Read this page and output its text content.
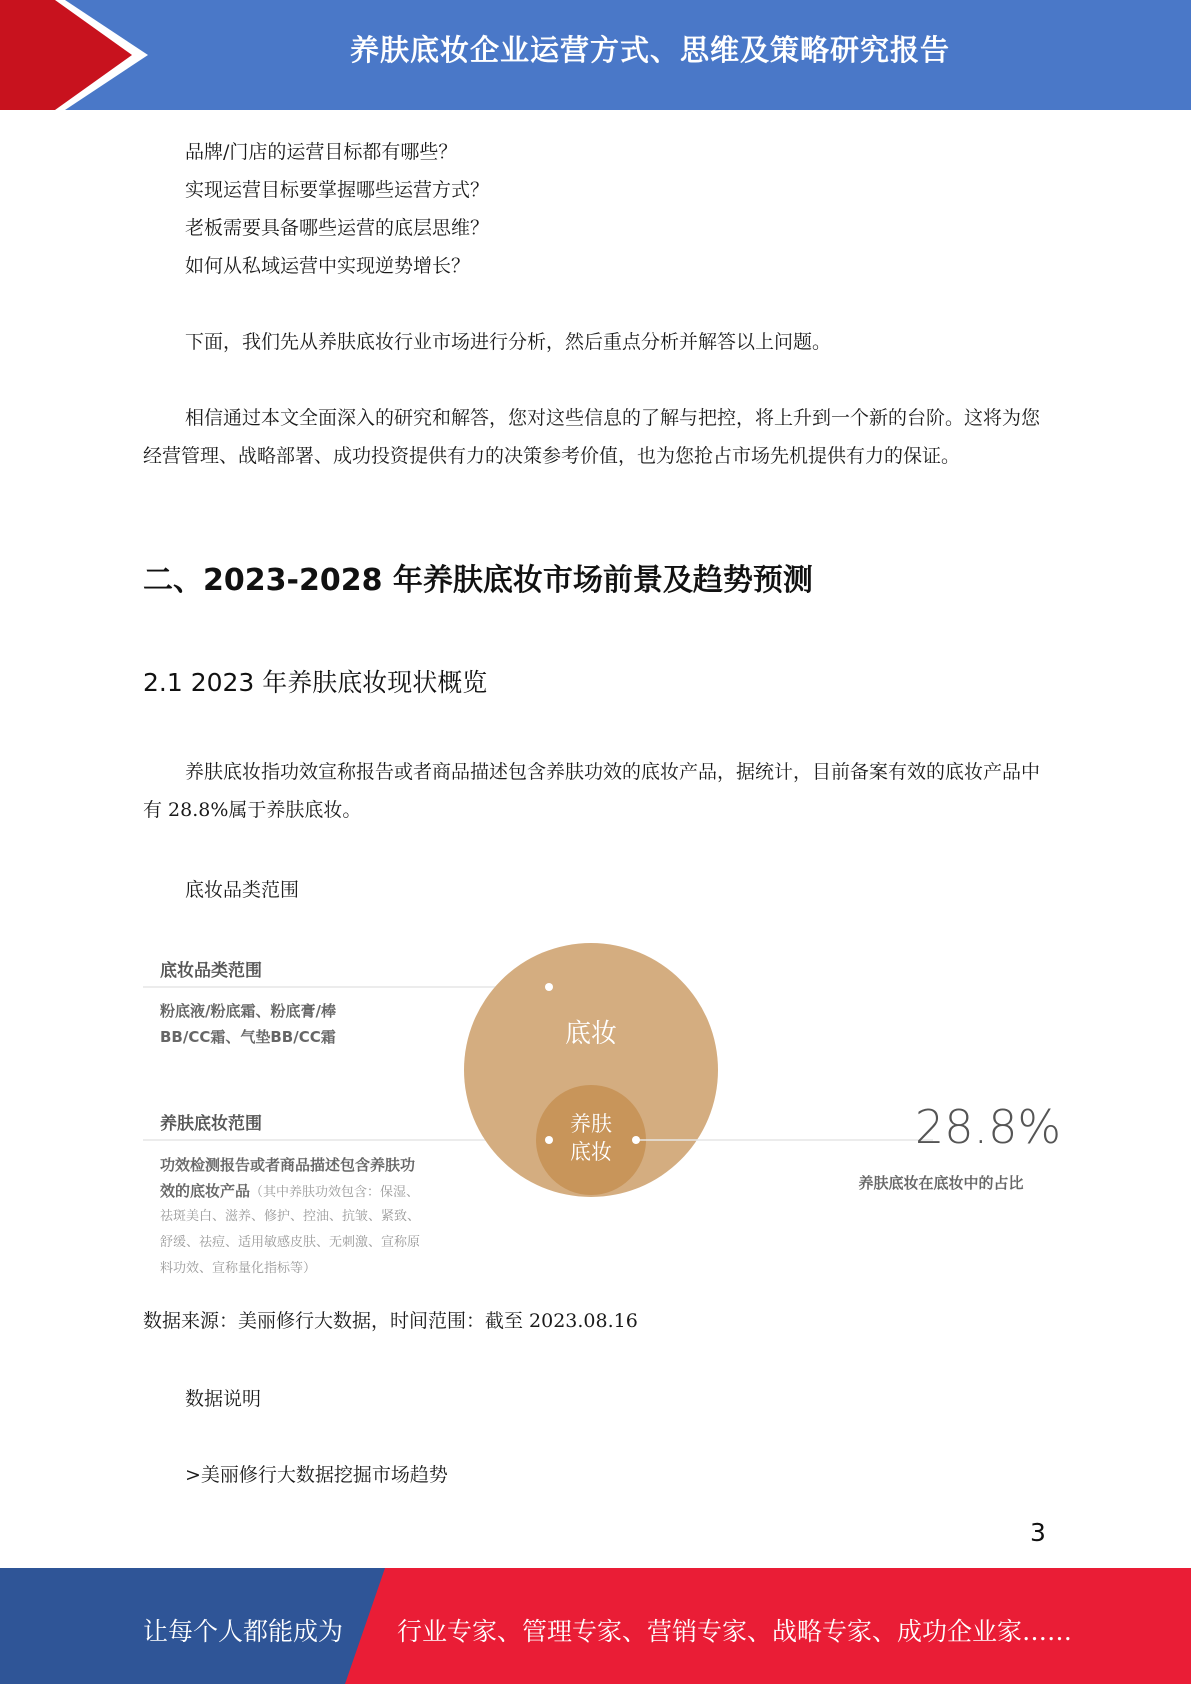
养肤底妆企业运营方式、思维及策略研究报告
品牌/门店的运营目标都有哪些？
实现运营目标要掌握哪些运营方式？
老板需要具备哪些运营的底层思维？
如何从私域运营中实现逆势增长？
下面，我们先从养肤底妆行业市场进行分析，然后重点分析并解答以上问题。
相信通过本文全面深入的研究和解答，您对这些信息的了解与把控，将上升到一个新的台阶。这将为您经营管理、战略部署、成功投资提供有力的决策参考价值，也为您抢占市场先机提供有力的保证。
二、2023-2028 年养肤底妆市场前景及趋势预测
2.1 2023 年养肤底妆现状概览
养肤底妆指功效宣称报告或者商品描述包含养肤功效的底妆产品，据统计，目前备案有效的底妆产品中有 28.8%属于养肤底妆。
底妆品类范围
底妆品类范围
粉底液/粉底霜、粉底膏/棒
BB/CC霜、气垫BB/CC霜
养肤底妆范围
功效检测报告或者商品描述包含养肤功
效的底妆产品（其中养肤功效包含：保湿、
祛斑美白、滋养、修护、控油、抗皱、紧致、
舒缓、祛痘、适用敏感皮肤、无刺激、宣称原
料功效、宣称量化指标等）
底妆
养肤
底妆	28.8%
养肤底妆在底妆中的占比
数据来源：美丽修行大数据，时间范围：截至 2023.08.16
数据说明
>美丽修行大数据挖掘市场趋势
3
让每个人都能成为 行业专家、管理专家、营销专家、战略专家、成功企业家……
